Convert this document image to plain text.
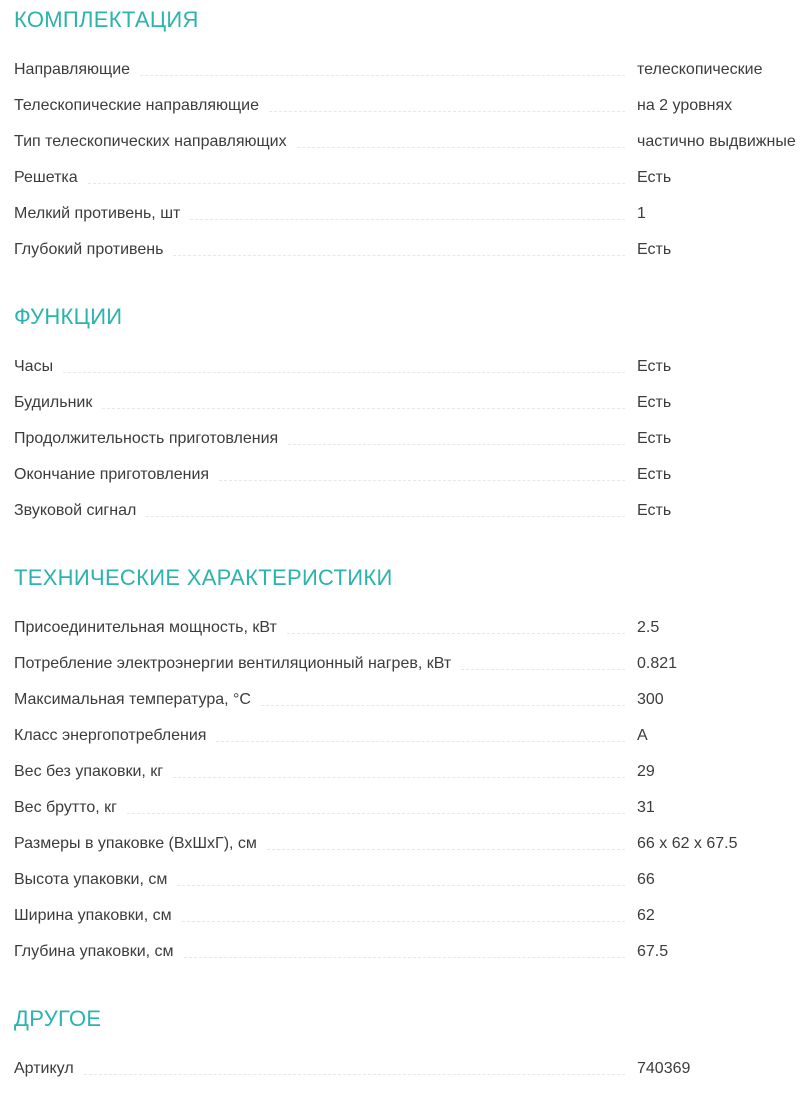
КОМПЛЕКТАЦИЯ
Направляющие	телескопические
Телескопические направляющие	на 2 уровнях
Тип телескопических направляющих	частично выдвижные
Решетка	Есть
Мелкий противень, шт	1
Глубокий противень	Есть
ФУНКЦИИ
Часы	Есть
Будильник	Есть
Продолжительность приготовления	Есть
Окончание приготовления	Есть
Звуковой сигнал	Есть
ТЕХНИЧЕСКИЕ ХАРАКТЕРИСТИКИ
Присоединительная мощность, кВт	2.5
Потребление электроэнергии вентиляционный нагрев, кВт	0.821
Максимальная температура, °С	300
Класс энергопотребления	A
Вес без упаковки, кг	29
Вес брутто, кг	31
Размеры в упаковке (ВхШхГ), см	66 x 62 x 67.5
Высота упаковки, см	66
Ширина упаковки, см	62
Глубина упаковки, см	67.5
ДРУГОЕ
Артикул	740369
